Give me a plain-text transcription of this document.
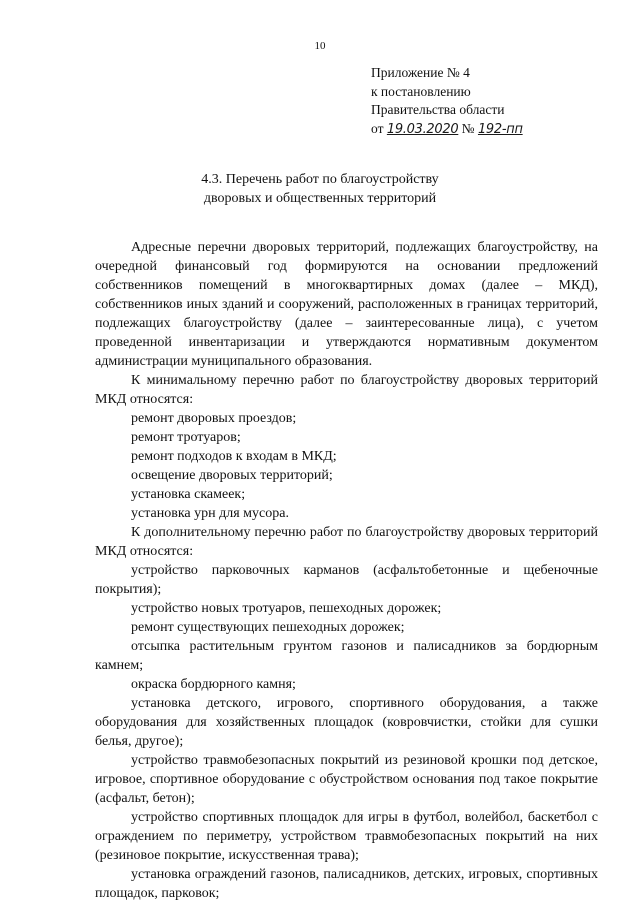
10
Приложение № 4
к постановлению
Правительства области
от 19.03.2020 № 192-пп
4.3. Перечень работ по благоустройству
дворовых и общественных территорий

Адресные перечни дворовых территорий, подлежащих благоустройству, на очередной финансовый год формируются на основании предложений собственников помещений в многоквартирных домах (далее – МКД), собственников иных зданий и сооружений, расположенных в границах территорий, подлежащих благоустройству (далее – заинтересованные лица), с учетом проведенной инвентаризации и утверждаются нормативным документом администрации муниципального образования.

К минимальному перечню работ по благоустройству дворовых территорий МКД относятся:

ремонт дворовых проездов;

ремонт тротуаров;

ремонт подходов к входам в МКД;

освещение дворовых территорий;

установка скамеек;

установка урн для мусора.

К дополнительному перечню работ по благоустройству дворовых территорий МКД относятся:

устройство парковочных карманов (асфальтобетонные и щебеночные покрытия);

устройство новых тротуаров, пешеходных дорожек;

ремонт существующих пешеходных дорожек;

отсыпка растительным грунтом газонов и палисадников за бордюрным камнем;

окраска бордюрного камня;

установка детского, игрового, спортивного оборудования, а также оборудования для хозяйственных площадок (ковровчистки, стойки для сушки белья, другое);

устройство травмобезопасных покрытий из резиновой крошки под детское, игровое, спортивное оборудование с обустройством основания под такое покрытие (асфальт, бетон);

устройство спортивных площадок для игры в футбол, волейбол, баскетбол с ограждением по периметру, устройством травмобезопасных покрытий на них (резиновое покрытие, искусственная трава);

установка ограждений газонов, палисадников, детских, игровых, спортивных площадок, парковок;
